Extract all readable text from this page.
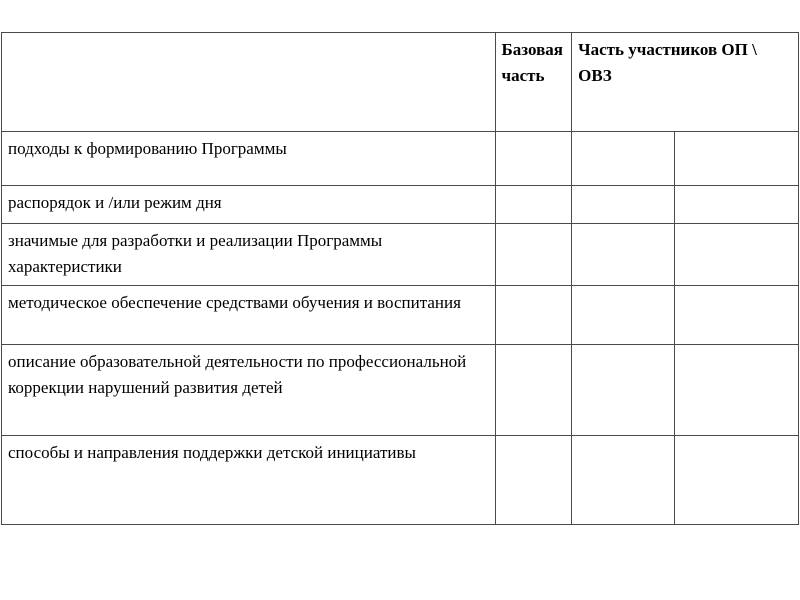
	Базовая часть	Часть участников ОП \ ОВЗ	
подходы к формированию Программы			
распорядок и /или режим дня			
значимые для разработки и реализации Программы характеристики			
методическое обеспечение средствами обучения и воспитания			
описание образовательной деятельности по профессиональной коррекции нарушений развития детей			
способы и направления поддержки детской инициативы			
